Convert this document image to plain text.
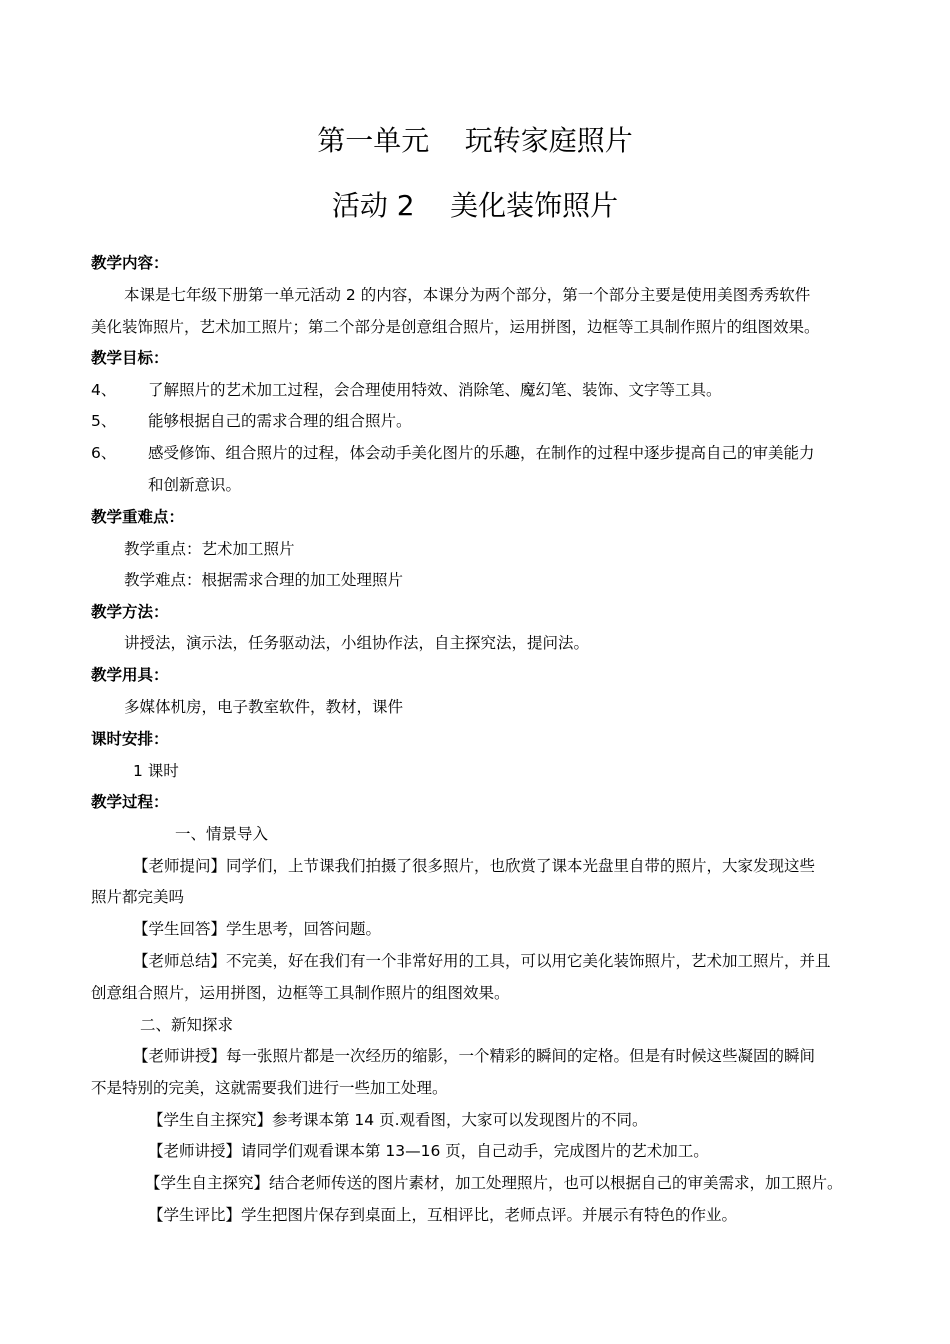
第一单元    玩转家庭照片
活动 2    美化装饰照片
教学内容：
本课是七年级下册第一单元活动 2 的内容，本课分为两个部分，第一个部分主要是使用美图秀秀软件
美化装饰照片，艺术加工照片；第二个部分是创意组合照片，运用拼图，边框等工具制作照片的组图效果。
教学目标：
4、 了解照片的艺术加工过程，会合理使用特效、消除笔、魔幻笔、装饰、文字等工具。
5、 能够根据自己的需求合理的组合照片。
6、 感受修饰、组合照片的过程，体会动手美化图片的乐趣，在制作的过程中逐步提高自己的审美能力
和创新意识。
教学重难点：
教学重点：艺术加工照片
教学难点：根据需求合理的加工处理照片
教学方法：
讲授法，演示法，任务驱动法，小组协作法，自主探究法，提问法。
教学用具：
多媒体机房，电子教室软件，教材，课件
课时安排：
1 课时
教学过程：
一、情景导入
【老师提问】同学们，上节课我们拍摄了很多照片，也欣赏了课本光盘里自带的照片，大家发现这些
照片都完美吗
【学生回答】学生思考，回答问题。
【老师总结】不完美，好在我们有一个非常好用的工具，可以用它美化装饰照片，艺术加工照片，并且
创意组合照片，运用拼图，边框等工具制作照片的组图效果。
二、新知探求
【老师讲授】每一张照片都是一次经历的缩影，一个精彩的瞬间的定格。但是有时候这些凝固的瞬间
不是特别的完美，这就需要我们进行一些加工处理。
【学生自主探究】参考课本第 14 页.观看图，大家可以发现图片的不同。
【老师讲授】请同学们观看课本第 13—16 页，自己动手，完成图片的艺术加工。
【学生自主探究】结合老师传送的图片素材，加工处理照片，也可以根据自己的审美需求，加工照片。
【学生评比】学生把图片保存到桌面上，互相评比，老师点评。并展示有特色的作业。
